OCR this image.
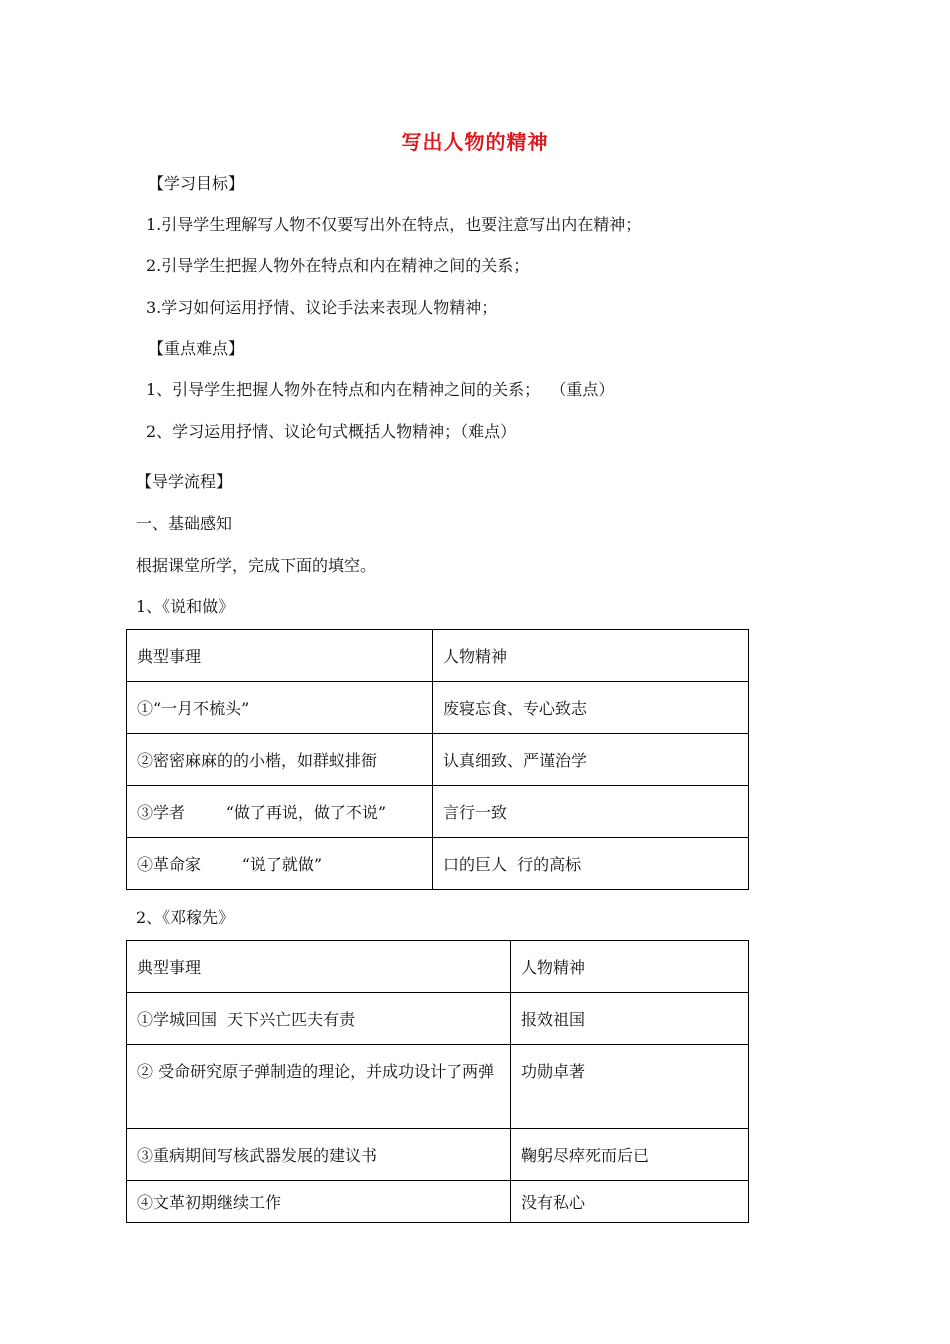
写出人物的精神
【学习目标】
1.引导学生理解写人物不仅要写出外在特点，也要注意写出内在精神；
2.引导学生把握人物外在特点和内在精神之间的关系；
3.学习如何运用抒情、议论手法来表现人物精神；
【重点难点】
1、引导学生把握人物外在特点和内在精神之间的关系；  （重点）
2、学习运用抒情、议论句式概括人物精神；（难点）
【导学流程】
一、基础感知
根据课堂所学，完成下面的填空。
1、《说和做》
典型事理	人物精神
①“一月不梳头”	废寝忘食、专心致志
②密密麻麻的的小楷，如群蚁排衙	认真细致、严谨治学
③学者        “做了再说，做了不说”	言行一致
④革命家        “说了就做”	口的巨人  行的高标
2、《邓稼先》
典型事理	人物精神
①学城回国  天下兴亡匹夫有责	报效祖国
② 受命研究原子弹制造的理论，并成功设计了两弹	功勋卓著
③重病期间写核武器发展的建议书	鞠躬尽瘁死而后已
④文革初期继续工作	没有私心
